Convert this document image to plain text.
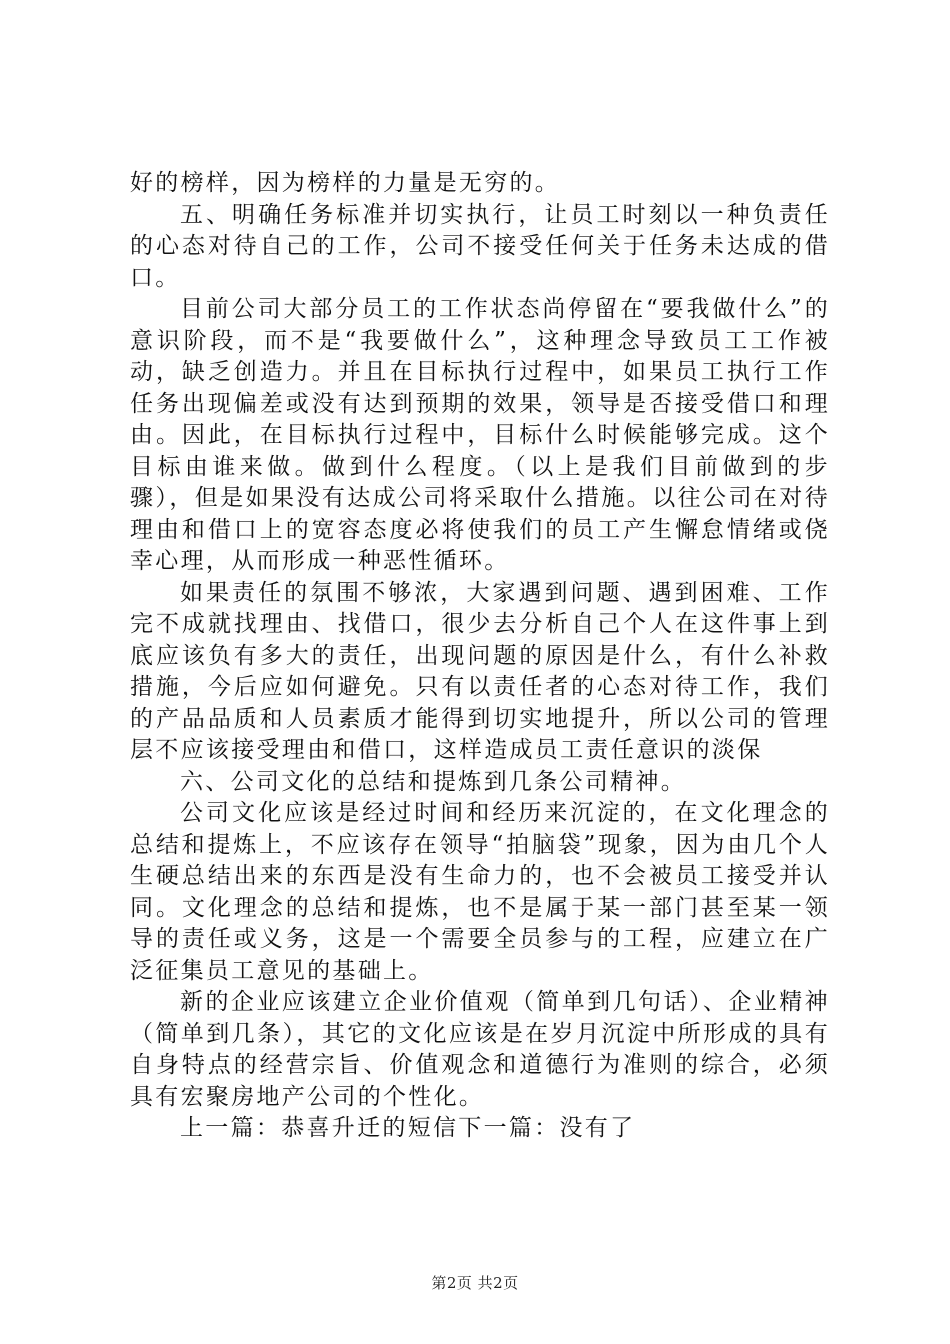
好的榜样，因为榜样的力量是无穷的。

五、明确任务标准并切实执行，让员工时刻以一种负责任的心态对待自己的工作，公司不接受任何关于任务未达成的借口。

目前公司大部分员工的工作状态尚停留在“要我做什么”的意识阶段，而不是“我要做什么”，这种理念导致员工工作被动，缺乏创造力。并且在目标执行过程中，如果员工执行工作任务出现偏差或没有达到预期的效果，领导是否接受借口和理由。因此，在目标执行过程中，目标什么时候能够完成。这个目标由谁来做。做到什么程度。（以上是我们目前做到的步骤），但是如果没有达成公司将采取什么措施。以往公司在对待理由和借口上的宽容态度必将使我们的员工产生懈怠情绪或侥幸心理，从而形成一种恶性循环。

如果责任的氛围不够浓，大家遇到问题、遇到困难、工作完不成就找理由、找借口，很少去分析自己个人在这件事上到底应该负有多大的责任，出现问题的原因是什么，有什么补救措施，今后应如何避免。只有以责任者的心态对待工作，我们的产品品质和人员素质才能得到切实地提升，所以公司的管理层不应该接受理由和借口，这样造成员工责任意识的淡保

六、公司文化的总结和提炼到几条公司精神。

公司文化应该是经过时间和经历来沉淀的，在文化理念的总结和提炼上，不应该存在领导“拍脑袋”现象，因为由几个人生硬总结出来的东西是没有生命力的，也不会被员工接受并认同。文化理念的总结和提炼，也不是属于某一部门甚至某一领导的责任或义务，这是一个需要全员参与的工程，应建立在广泛征集员工意见的基础上。

新的企业应该建立企业价值观（简单到几句话）、企业精神（简单到几条），其它的文化应该是在岁月沉淀中所形成的具有自身特点的经营宗旨、价值观念和道德行为准则的综合，必须具有宏聚房地产公司的个性化。

上一篇：恭喜升迁的短信下一篇：没有了

第2页 共2页
